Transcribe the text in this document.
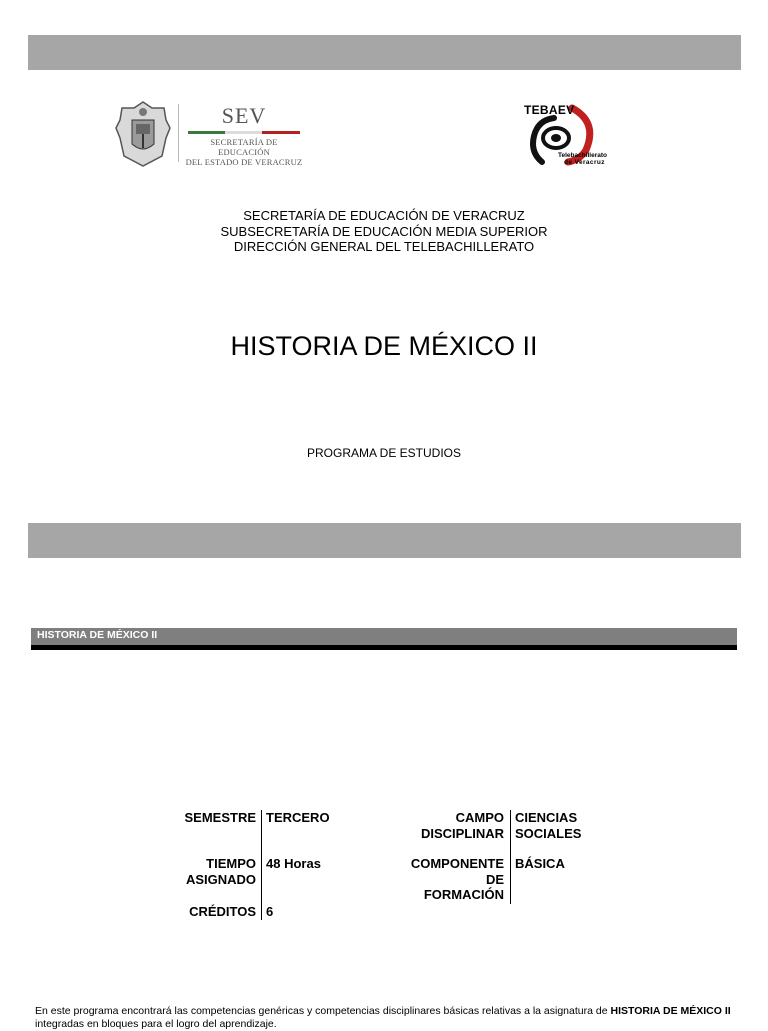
SEV
SECRETARÍA DE EDUCACIÓN
DEL ESTADO DE VERACRUZ
TEBAEV
Telebachillerato
de Veracruz
SECRETARÍA DE EDUCACIÓN DE VERACRUZ
SUBSECRETARÍA DE EDUCACIÓN MEDIA SUPERIOR
DIRECCIÓN GENERAL DEL TELEBACHILLERATO
HISTORIA DE MÉXICO II
PROGRAMA DE ESTUDIOS
HISTORIA DE MÉXICO II
SEMESTRE TERCERO
TIEMPO
ASIGNADO
48 Horas
CRÉDITOS 6
CAMPO
DISCIPLINAR
CIENCIAS
SOCIALES
COMPONENTE
DE
FORMACIÓN
BÁSICA
En este programa encontrará las competencias genéricas y competencias disciplinares básicas relativas a la asignatura de HISTORIA DE MÉXICO II integradas en bloques para el logro del aprendizaje.
